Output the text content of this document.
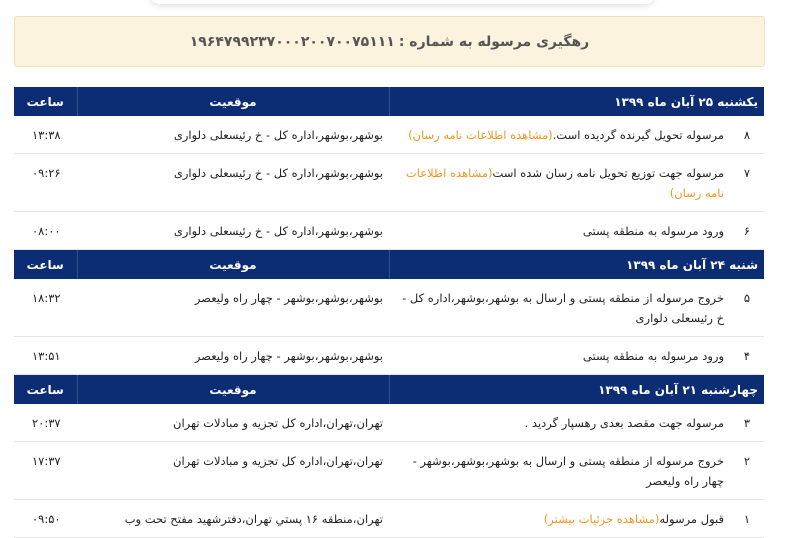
رهگیری مرسوله به شماره :
۱۹۶۴۷۹۹۲۳۷۰۰۰۲۰۰۷۰۰۷۵۱۱۱
یکشنبه ۲۵ آبان ماه ۱۳۹۹		موقعیت	ساعت
۸	مرسوله تحویل گیرنده گردیده است.(مشاهده اطلاعات نامه رسان)	بوشهر،بوشهر،اداره کل - خ رئیسعلی دلواری	۱۳:۳۸
۷	مرسوله جهت توزیع تحویل نامه رسان شده است(مشاهده اطلاعات نامه رسان)	بوشهر،بوشهر،اداره کل - خ رئیسعلی دلواری	۰۹:۲۶
۶	ورود مرسوله به منطقه پستی	بوشهر،بوشهر،اداره کل - خ رئیسعلی دلواری	۰۸:۰۰
شنبه ۲۴ آبان ماه ۱۳۹۹		موقعیت	ساعت
۵	خروج مرسوله از منطقه پستی و ارسال به بوشهر،بوشهر،اداره کل - خ رئیسعلی دلواری	بوشهر،بوشهر،بوشهر - چهار راه ولیعصر	۱۸:۳۲
۴	ورود مرسوله به منطقه پستی	بوشهر،بوشهر،بوشهر - چهار راه ولیعصر	۱۳:۵۱
چهارشنبه ۲۱ آبان ماه ۱۳۹۹		موقعیت	ساعت
۳	مرسوله جهت مقصد بعدی رهسپار گردید .	تهران،تهران،اداره کل تجزیه و مبادلات تهران	۲۰:۳۷
۲	خروج مرسوله از منطقه پستی و ارسال به بوشهر،بوشهر،بوشهر - چهار راه ولیعصر	تهران،تهران،اداره کل تجزیه و مبادلات تهران	۱۷:۳۷
۱	قبول مرسوله(مشاهده جزئیات بیشتر)	تهران،منطقه ۱۶ پستي تهران،دفترشهید مفتح تحت وب	۰۹:۵۰
